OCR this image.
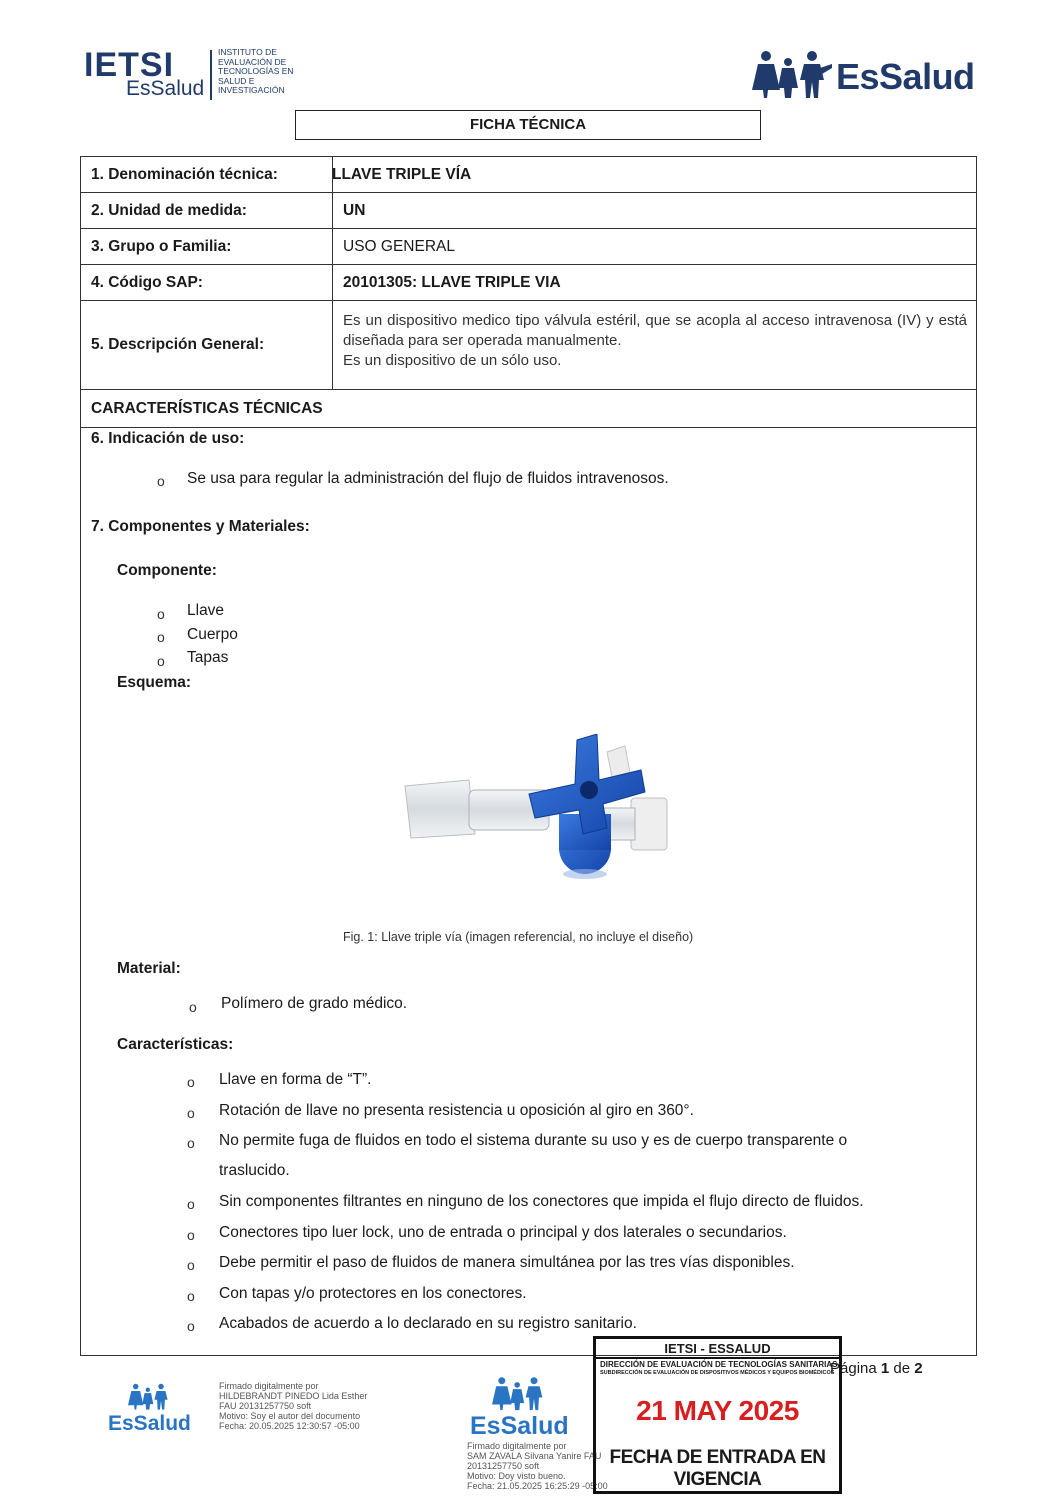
IETSI
EsSalud
INSTITUTO DE
EVALUACIÓN DE
TECNOLOGÍAS EN
SALUD E
INVESTIGACIÓN	EsSalud
FICHA TÉCNICA
1. Denominación técnica:	LLAVE TRIPLE VÍA
2. Unidad de medida:	UN
3. Grupo o Familia:	USO GENERAL
4. Código SAP:	20101305: LLAVE TRIPLE VIA
5. Descripción General:
Es un dispositivo medico tipo válvula estéril, que se acopla al acceso intravenosa (IV) y está diseñada para ser operada manualmente.
Es un dispositivo de un sólo uso.
CARACTERÍSTICAS TÉCNICAS
6. Indicación de uso:
o Se usa para regular la administración del flujo de fluidos intravenosos.
7. Componentes y Materiales:
Componente:
o Llave
o Cuerpo
o Tapas
Esquema:
Fig. 1: Llave triple vía (imagen referencial, no incluye el diseño)
Material:
o Polímero de grado médico.
Características:
o Llave en forma de “T”.
o Rotación de llave no presenta resistencia u oposición al giro en 360°.
o No permite fuga de fluidos en todo el sistema durante su uso y es de cuerpo transparente o
traslucido.
o Sin componentes filtrantes en ninguno de los conectores que impida el flujo directo de fluidos.
o Conectores tipo luer lock, uno de entrada o principal y dos laterales o secundarios.
o Debe permitir el paso de fluidos de manera simultánea por las tres vías disponibles.
o Con tapas y/o protectores en los conectores.
o Acabados de acuerdo a lo declarado en su registro sanitario.
EsSalud
Firmado digitalmente por
HILDEBRANDT PINEDO Lida Esther
FAU 20131257750 soft
Motivo: Soy el autor del documento
Fecha: 20.05.2025 12:30:57 -05:00	EsSalud
Firmado digitalmente por
SAM ZAVALA Silvana Yanire FAU
20131257750 soft
Motivo: Doy visto bueno.
Fecha: 21.05.2025 16:25:29 -05:00
IETSI - ESSALUD
DIRECCIÓN DE EVALUACIÓN DE TECNOLOGÍAS SANITARIAS
SUBDIRECCIÓN DE EVALUACIÓN DE DISPOSITIVOS MÉDICOS Y EQUIPOS BIOMÉDICOS
21 MAY 2025
FECHA DE ENTRADA EN VIGENCIA
Página 1 de 2
